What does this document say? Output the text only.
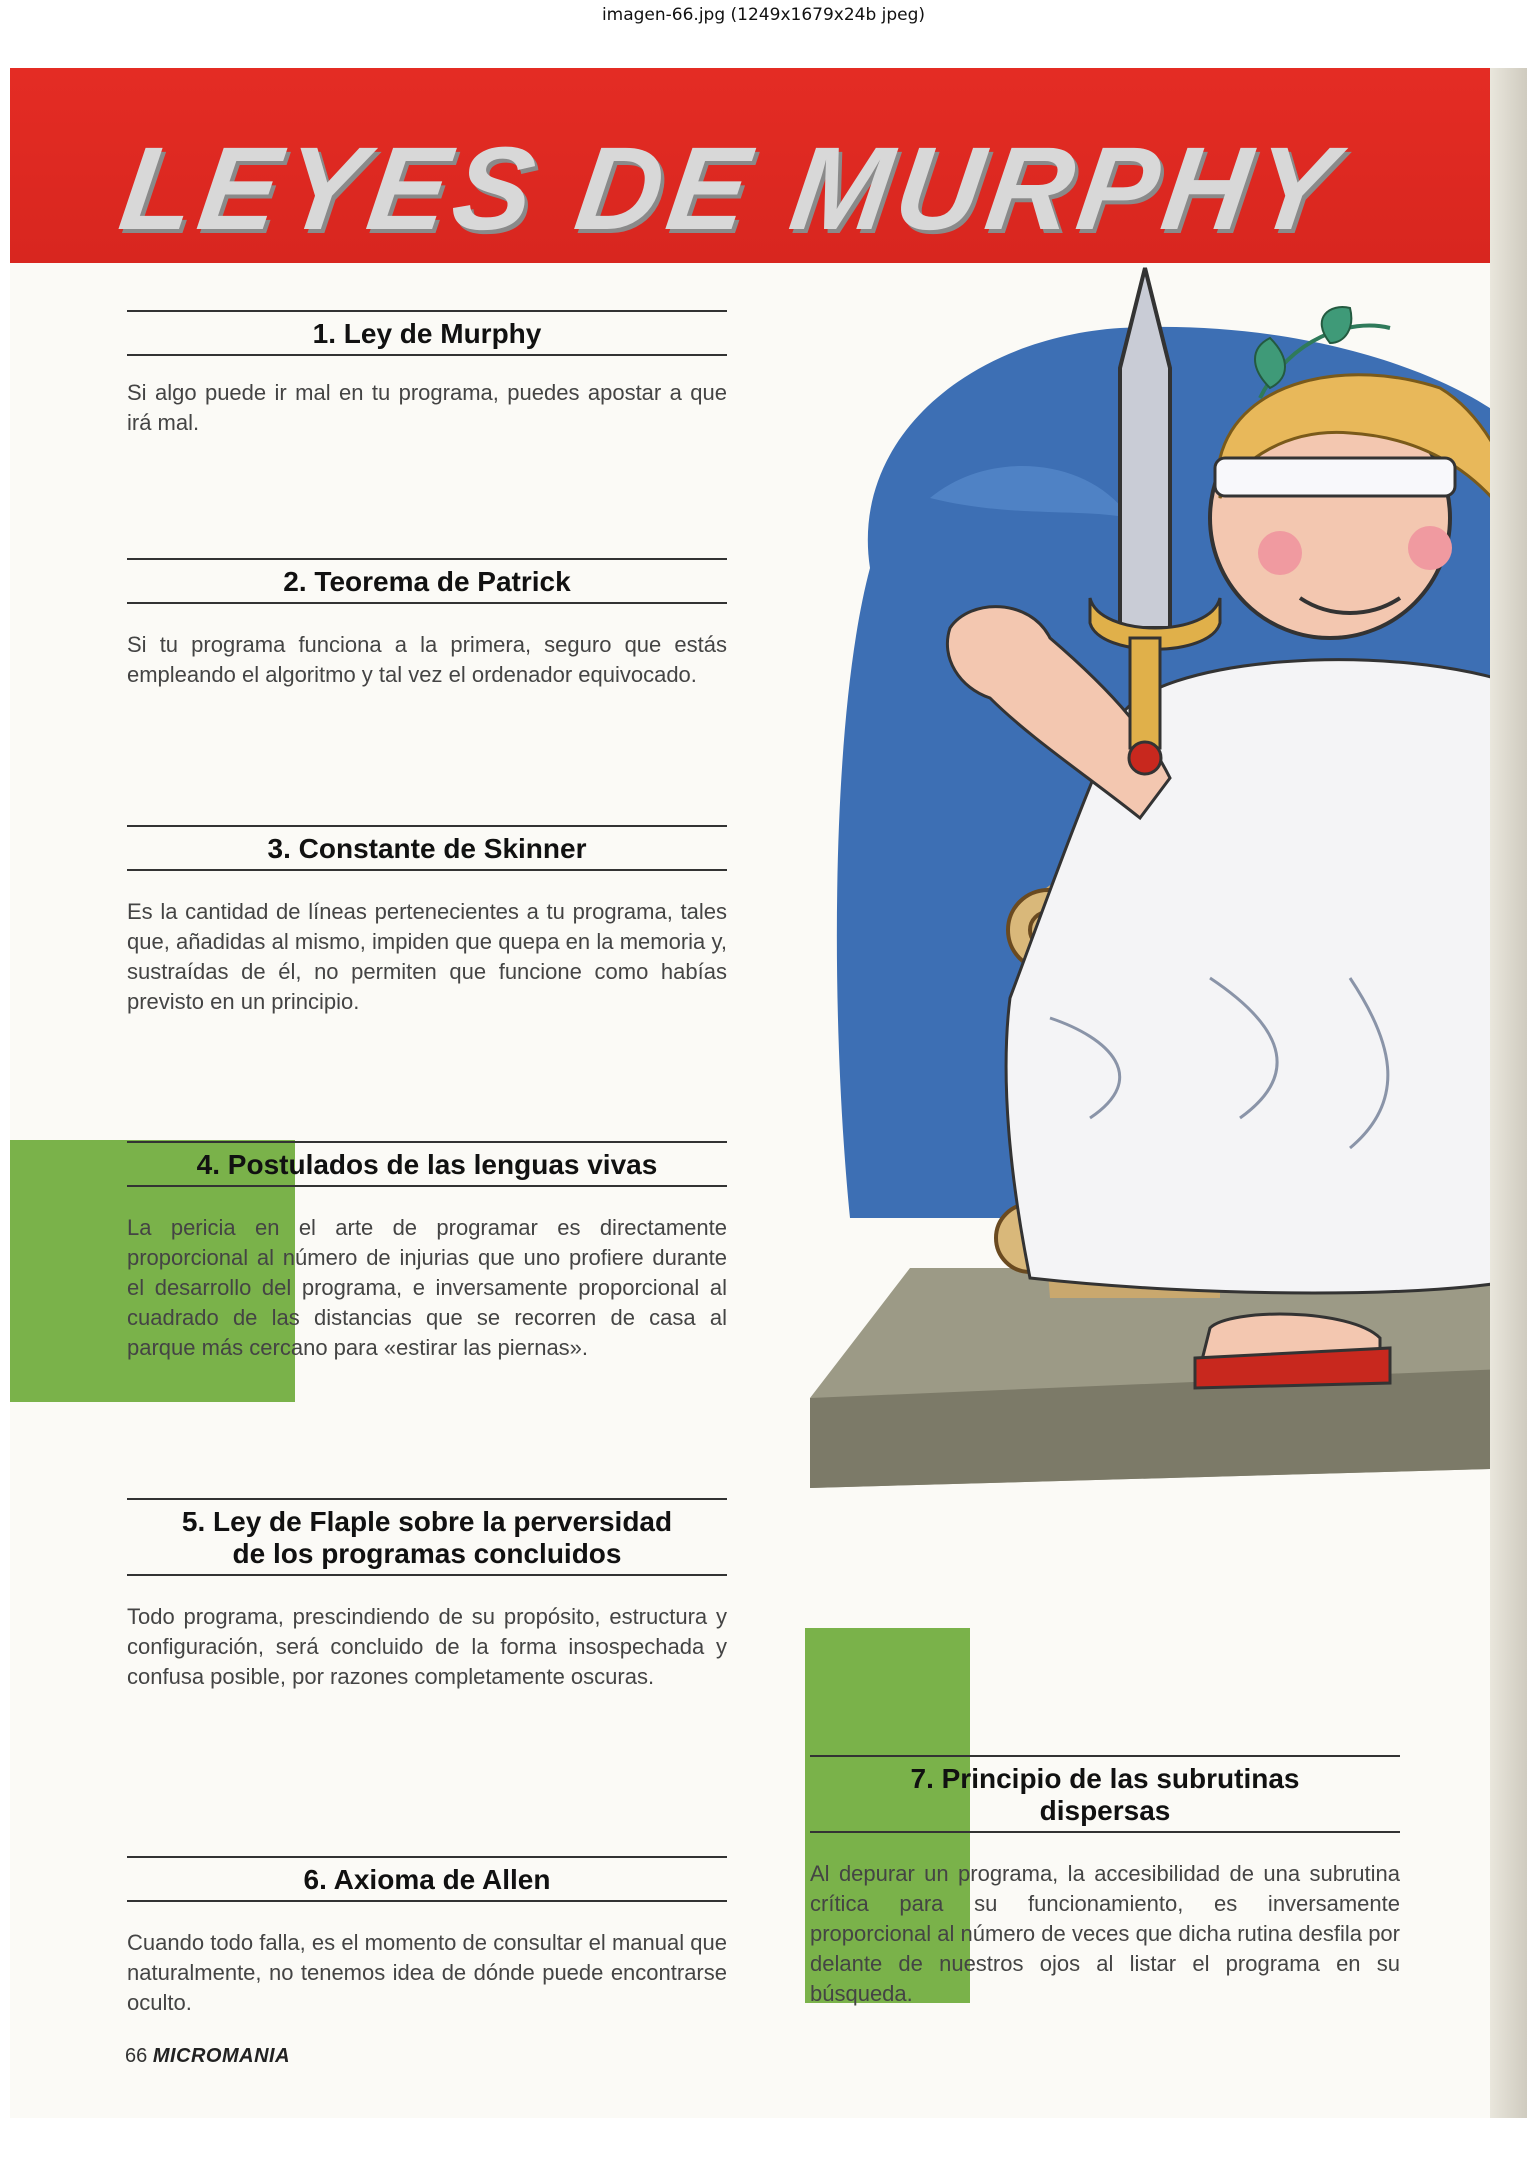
imagen-66.jpg (1249x1679x24b jpeg)
LEYES DE MURPHY
1. Ley de Murphy

Si algo puede ir mal en tu programa, puedes apostar a que irá mal.

2. Teorema de Patrick

Si tu programa funciona a la primera, seguro que estás empleando el algoritmo y tal vez el ordenador equivocado.

3. Constante de Skinner

Es la cantidad de líneas pertenecientes a tu programa, tales que, añadidas al mismo, impiden que quepa en la memoria y, sustraídas de él, no permiten que funcione como habías previsto en un principio.

4. Postulados de las lenguas vivas

La pericia en el arte de programar es directamente proporcional al número de injurias que uno profiere durante el desarrollo del programa, e inversamente proporcional al cuadrado de las distancias que se recorren de casa al parque más cercano para «estirar las piernas».

5. Ley de Flaple sobre la perversidad de los programas concluidos

Todo programa, prescindiendo de su propósito, estructura y configuración, será concluido de la forma insospechada y confusa posible, por razones completamente oscuras.

6. Axioma de Allen

Cuando todo falla, es el momento de consultar el manual que naturalmente, no tenemos idea de dónde puede encontrarse oculto.

7. Principio de las subrutinas dispersas

Al depurar un programa, la accesibilidad de una subrutina crítica para su funcionamiento, es inversamente proporcional al número de veces que dicha rutina desfila por delante de nuestros ojos al listar el programa en su búsqueda.

66 MICROMANIA
